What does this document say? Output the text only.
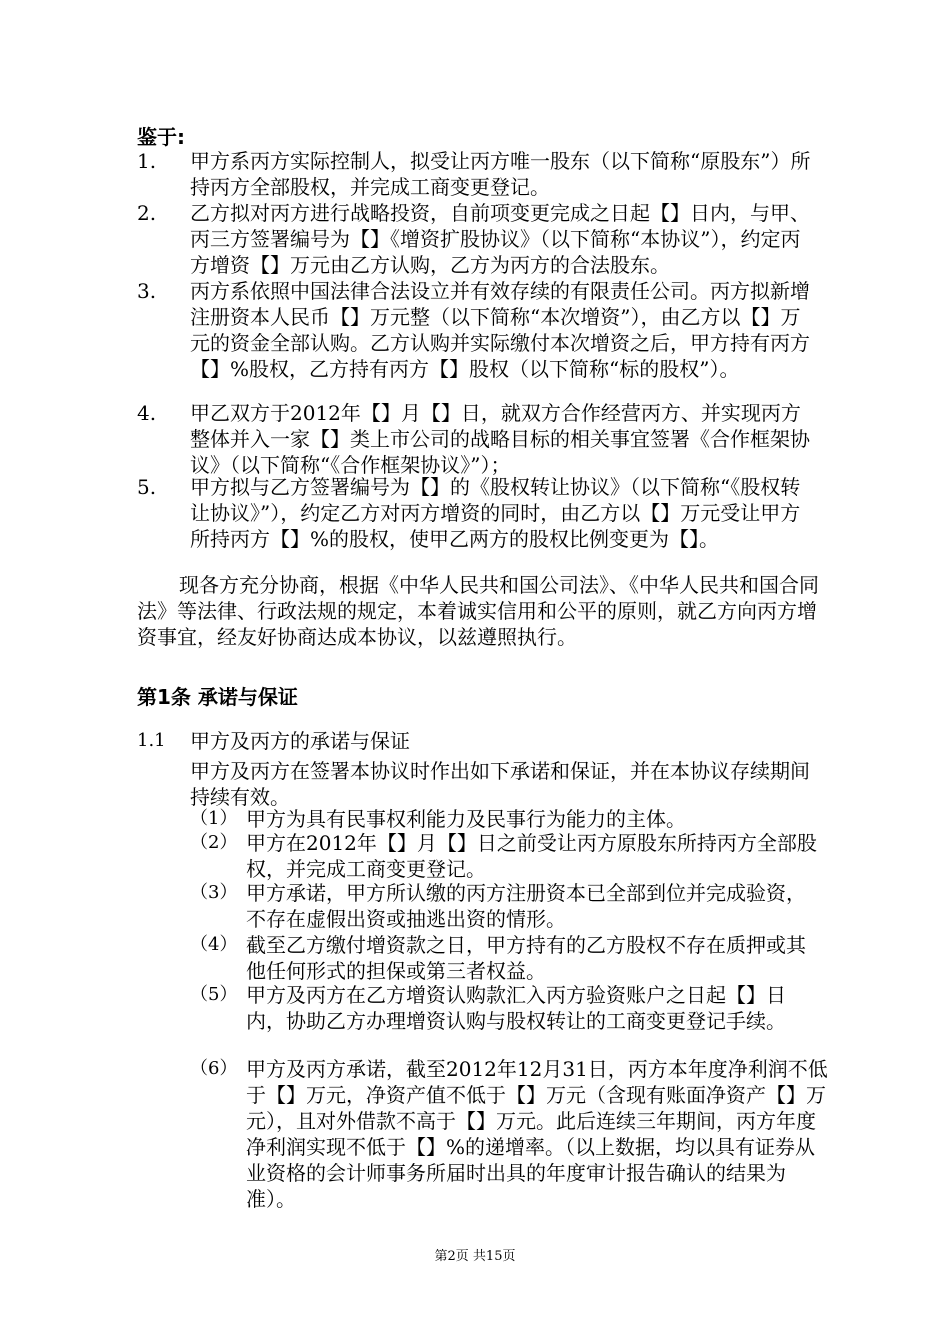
鉴于:
1. 甲方系丙方实际控制人，拟受让丙方唯一股东（以下简称“原股东”）所持丙方全部股权，并完成工商变更登记。
2. 乙方拟对丙方进行战略投资，自前项变更完成之日起【】日内，与甲、丙三方签署编号为【】《增资扩股协议》（以下简称“本协议”），约定丙方增资【】万元由乙方认购，乙方为丙方的合法股东。
3. 丙方系依照中国法律合法设立并有效存续的有限责任公司。丙方拟新增注册资本人民币【】万元整（以下简称“本次增资”），由乙方以【】万元的资金全部认购。乙方认购并实际缴付本次增资之后，甲方持有丙方【】%股权，乙方持有丙方【】股权（以下简称“标的股权”）。
4. 甲乙双方于2012年【】月【】日，就双方合作经营丙方、并实现丙方整体并入一家【】类上市公司的战略目标的相关事宜签署《合作框架协议》（以下简称“《合作框架协议》”）；
5. 甲方拟与乙方签署编号为【】的《股权转让协议》（以下简称“《股权转让协议》”），约定乙方对丙方增资的同时，由乙方以【】万元受让甲方所持丙方【】%的股权，使甲乙两方的股权比例变更为【】。
现各方充分协商，根据《中华人民共和国公司法》、《中华人民共和国合同法》等法律、行政法规的规定，本着诚实信用和公平的原则，就乙方向丙方增资事宜，经友好协商达成本协议，以兹遵照执行。
第1条 承诺与保证
1.1 甲方及丙方的承诺与保证
甲方及丙方在签署本协议时作出如下承诺和保证，并在本协议存续期间持续有效。
（1） 甲方为具有民事权利能力及民事行为能力的主体。
（2） 甲方在2012年【】月【】日之前受让丙方原股东所持丙方全部股权，并完成工商变更登记。
（3） 甲方承诺，甲方所认缴的丙方注册资本已全部到位并完成验资，不存在虚假出资或抽逃出资的情形。
（4） 截至乙方缴付增资款之日，甲方持有的乙方股权不存在质押或其他任何形式的担保或第三者权益。
（5） 甲方及丙方在乙方增资认购款汇入丙方验资账户之日起【】日内，协助乙方办理增资认购与股权转让的工商变更登记手续。
（6） 甲方及丙方承诺，截至2012年12月31日，丙方本年度净利润不低于【】万元，净资产值不低于【】万元（含现有账面净资产【】万元），且对外借款不高于【】万元。此后连续三年期间，丙方年度净利润实现不低于【】%的递增率。（以上数据，均以具有证券从业资格的会计师事务所届时出具的年度审计报告确认的结果为准）。
第2页 共15页
